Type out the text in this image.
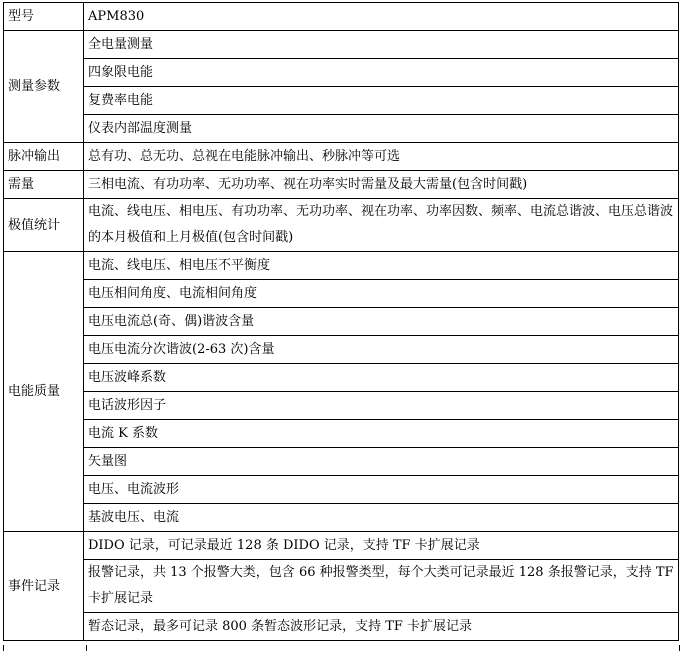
型号	APM830
测量参数	全电量测量
	四象限电能
	复费率电能
	仪表内部温度测量
脉冲输出	总有功、总无功、总视在电能脉冲输出、秒脉冲等可选
需量	三相电流、有功功率、无功功率、视在功率实时需量及最大需量(包含时间戳)
极值统计	电流、线电压、相电压、有功功率、无功功率、视在功率、功率因数、频率、电流总谐波、电压总谐波的本月极值和上月极值(包含时间戳)
电能质量	电流、线电压、相电压不平衡度
	电压相间角度、电流相间角度
	电压电流总(奇、偶)谐波含量
	电压电流分次谐波(2-63 次)含量
	电压波峰系数
	电话波形因子
	电流 K 系数
	矢量图
	电压、电流波形
	基波电压、电流
事件记录	DIDO 记录，可记录最近 128 条 DIDO 记录，支持 TF 卡扩展记录
	报警记录，共 13 个报警大类，包含 66 种报警类型，每个大类可记录最近 128 条报警记录，支持 TF 卡扩展记录
	暂态记录，最多可记录 800 条暂态波形记录，支持 TF 卡扩展记录
